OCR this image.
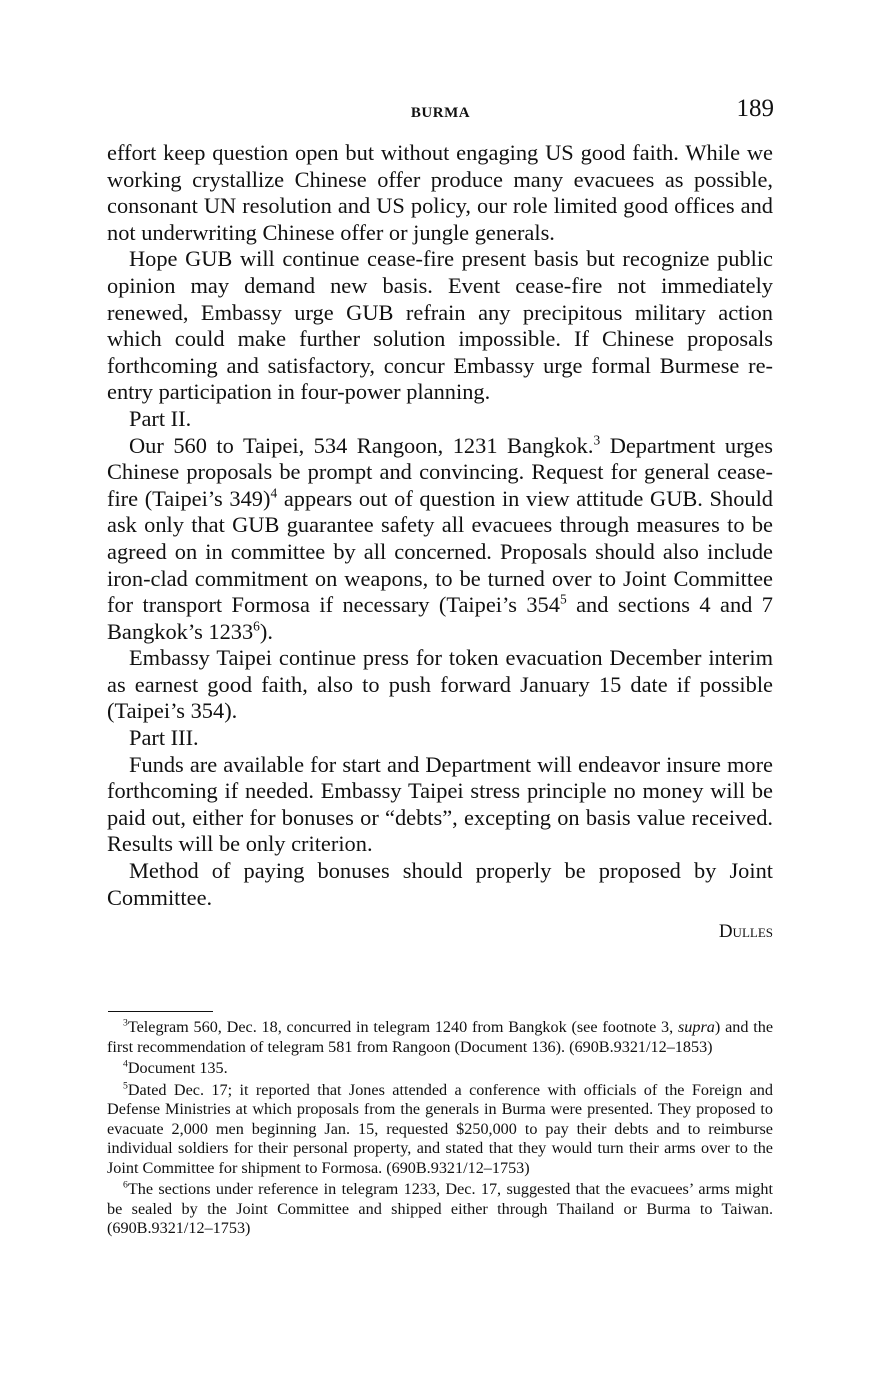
BURMA	189

effort keep question open but without engaging US good faith. While we working crystallize Chinese offer produce many evacuees as possible, consonant UN resolution and US policy, our role limited good offices and not underwriting Chinese offer or jungle generals.

Hope GUB will continue cease-fire present basis but recognize public opinion may demand new basis. Event cease-fire not immediately renewed, Embassy urge GUB refrain any precipitous military action which could make further solution impossible. If Chinese proposals forthcoming and satisfactory, concur Embassy urge formal Burmese re-entry participation in four-power planning.

Part II.

Our 560 to Taipei, 534 Rangoon, 1231 Bangkok.$^3$ Department urges Chinese proposals be prompt and convincing. Request for general cease-fire (Taipei’s 349)$^4$ appears out of question in view attitude GUB. Should ask only that GUB guarantee safety all evacuees through measures to be agreed on in committee by all concerned. Proposals should also include iron-clad commitment on weapons, to be turned over to Joint Committee for transport Formosa if necessary (Taipei’s $354^5$ and sections 4 and 7 Bangkok’s 1233$^6$).

Embassy Taipei continue press for token evacuation December interim as earnest good faith, also to push forward January 15 date if possible (Taipei’s 354).

Part III.

Funds are available for start and Department will endeavor insure more forthcoming if needed. Embassy Taipei stress principle no money will be paid out, either for bonuses or “debts”, excepting on basis value received. Results will be only criterion.

Method of paying bonuses should properly be proposed by Joint Committee.

Dulles

$^3$Telegram 560, Dec. 18, concurred in telegram 1240 from Bangkok (see footnote 3, supra) and the first recommendation of telegram 581 from Rangoon (Document 136). (690B.9321/12–1853)

$^4$Document 135.

$^5$Dated Dec. 17; it reported that Jones attended a conference with officials of the Foreign and Defense Ministries at which proposals from the generals in Burma were presented. They proposed to evacuate 2,000 men beginning Jan. 15, requested $250,000 to pay their debts and to reimburse individual soldiers for their personal property, and stated that they would turn their arms over to the Joint Committee for shipment to Formosa. (690B.9321/12–1753)

$^6$The sections under reference in telegram 1233, Dec. 17, suggested that the evacuees’ arms might be sealed by the Joint Committee and shipped either through Thailand or Burma to Taiwan. (690B.9321/12–1753)
